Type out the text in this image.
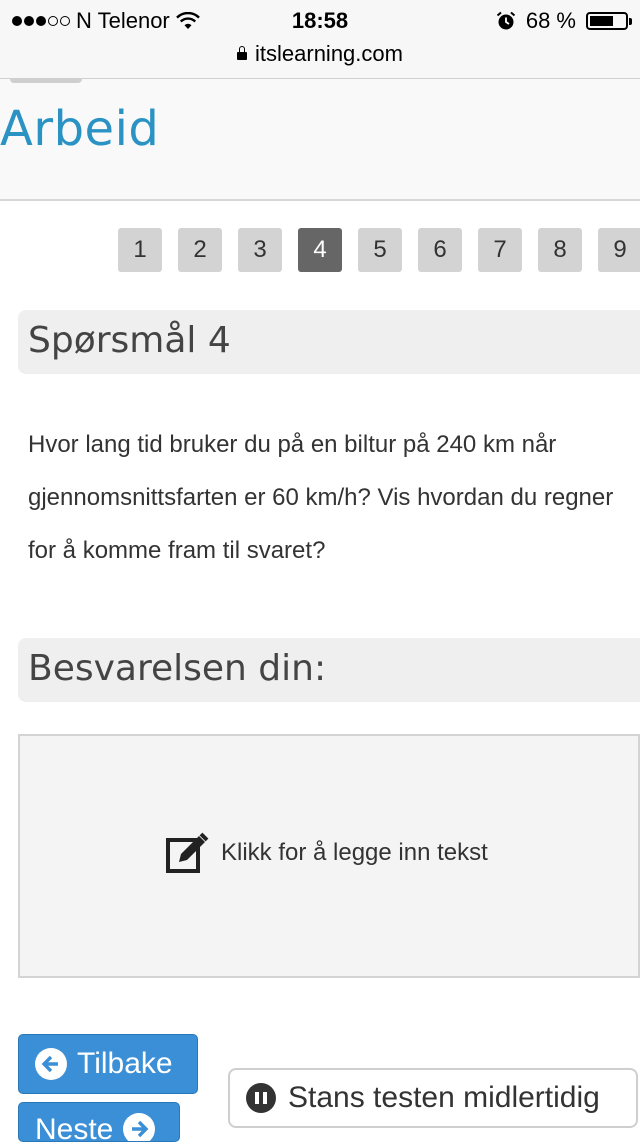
N Telenor	18:58	68 %
itslearning.com
Arbeid
1	2	3	4	5	6	7	8	9
Spørsmål 4
Hvor lang tid bruker du på en biltur på 240 km når gjennomsnittsfarten er 60 km/h? Vis hvordan du regner for å komme fram til svaret?
Besvarelsen din:
Klikk for å legge inn tekst
Tilbake
Stans testen midlertidig
Neste
